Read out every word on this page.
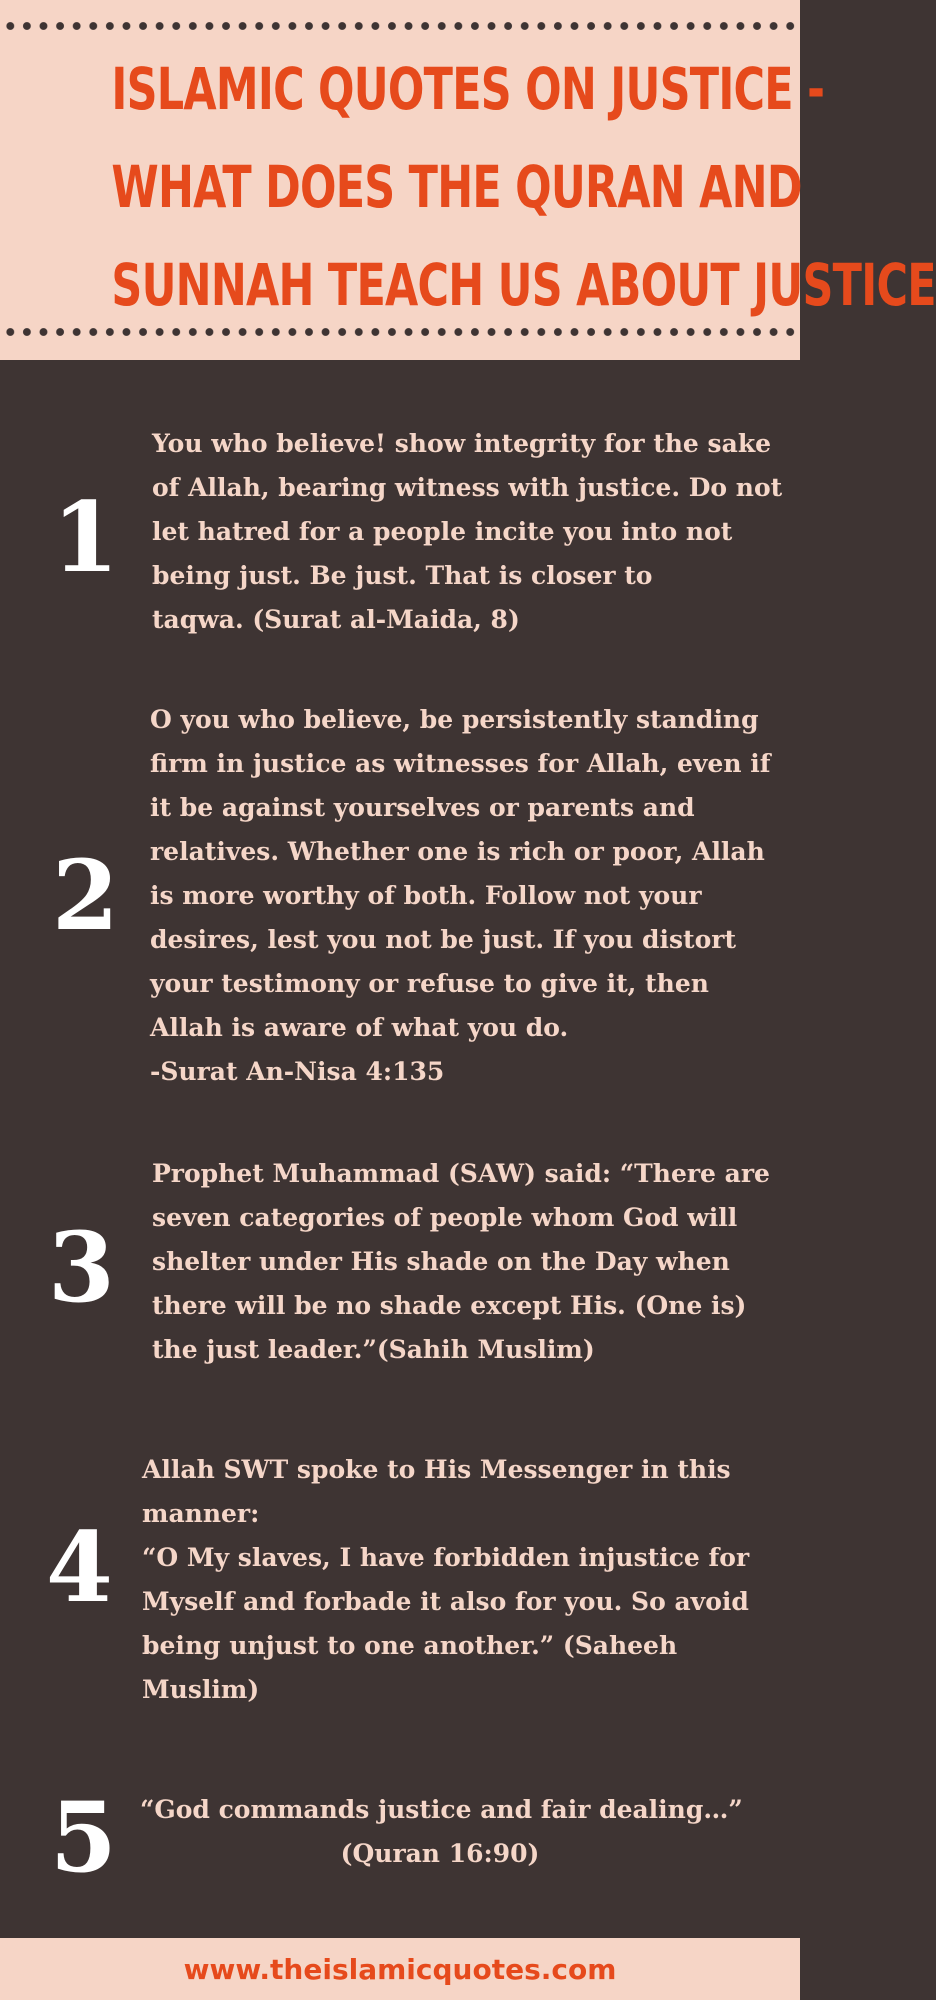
ISLAMIC QUOTES ON JUSTICE -
WHAT DOES THE QURAN AND
SUNNAH TEACH US ABOUT JUSTICE
1

You who believe! show integrity for the sake
of Allah, bearing witness with justice. Do not
let hatred for a people incite you into not
being just. Be just. That is closer to
taqwa. (Surat al-Maida, 8)

2

O you who believe, be persistently standing
firm in justice as witnesses for Allah, even if
it be against yourselves or parents and
relatives. Whether one is rich or poor, Allah
is more worthy of both. Follow not your
desires, lest you not be just. If you distort
your testimony or refuse to give it, then
Allah is aware of what you do.
-Surat An-Nisa 4:135

3

Prophet Muhammad (SAW) said: “There are
seven categories of people whom God will
shelter under His shade on the Day when
there will be no shade except His. (One is)
the just leader.”(Sahih Muslim)

4

Allah SWT spoke to His Messenger in this
manner:
“O My slaves, I have forbidden injustice for
Myself and forbade it also for you. So avoid
being unjust to one another.” (Saheeh
Muslim)

5 “God commands justice and fair dealing…”
(Quran 16:90)

www.theislamicquotes.com
